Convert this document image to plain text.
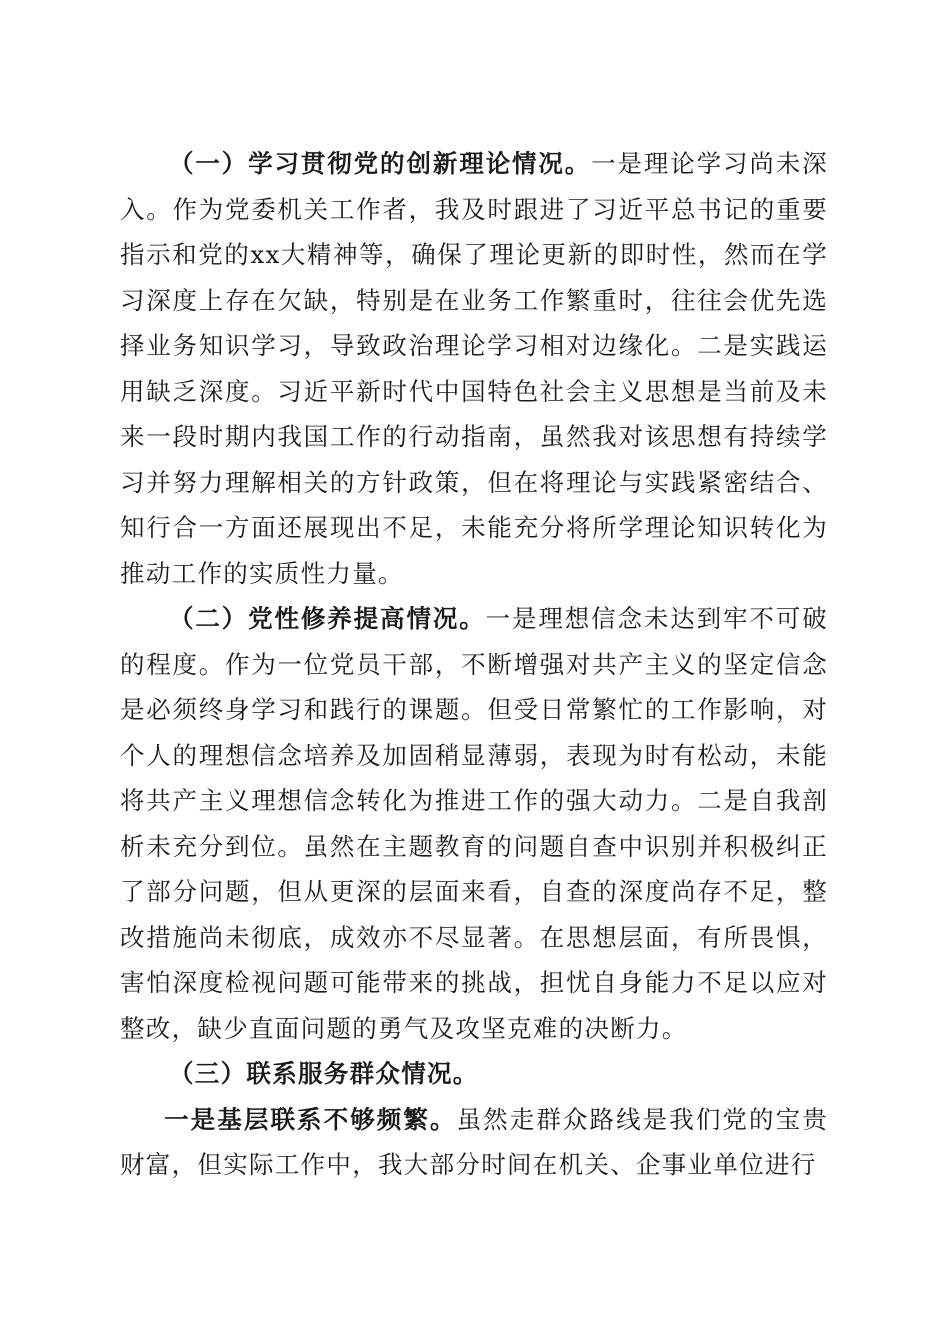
（一）学习贯彻党的创新理论情况。一是理论学习尚未深入。作为党委机关工作者，我及时跟进了习近平总书记的重要指示和党的xx大精神等，确保了理论更新的即时性，然而在学习深度上存在欠缺，特别是在业务工作繁重时，往往会优先选择业务知识学习，导致政治理论学习相对边缘化。二是实践运用缺乏深度。习近平新时代中国特色社会主义思想是当前及未来一段时期内我国工作的行动指南，虽然我对该思想有持续学习并努力理解相关的方针政策，但在将理论与实践紧密结合、知行合一方面还展现出不足，未能充分将所学理论知识转化为推动工作的实质性力量。

（二）党性修养提高情况。一是理想信念未达到牢不可破的程度。作为一位党员干部，不断增强对共产主义的坚定信念是必须终身学习和践行的课题。但受日常繁忙的工作影响，对个人的理想信念培养及加固稍显薄弱，表现为时有松动，未能将共产主义理想信念转化为推进工作的强大动力。二是自我剖析未充分到位。虽然在主题教育的问题自查中识别并积极纠正了部分问题，但从更深的层面来看，自查的深度尚存不足，整改措施尚未彻底，成效亦不尽显著。在思想层面，有所畏惧，害怕深度检视问题可能带来的挑战，担忧自身能力不足以应对整改，缺少直面问题的勇气及攻坚克难的决断力。

（三）联系服务群众情况。

一是基层联系不够频繁。虽然走群众路线是我们党的宝贵财富，但实际工作中，我大部分时间在机关、企事业单位进行
